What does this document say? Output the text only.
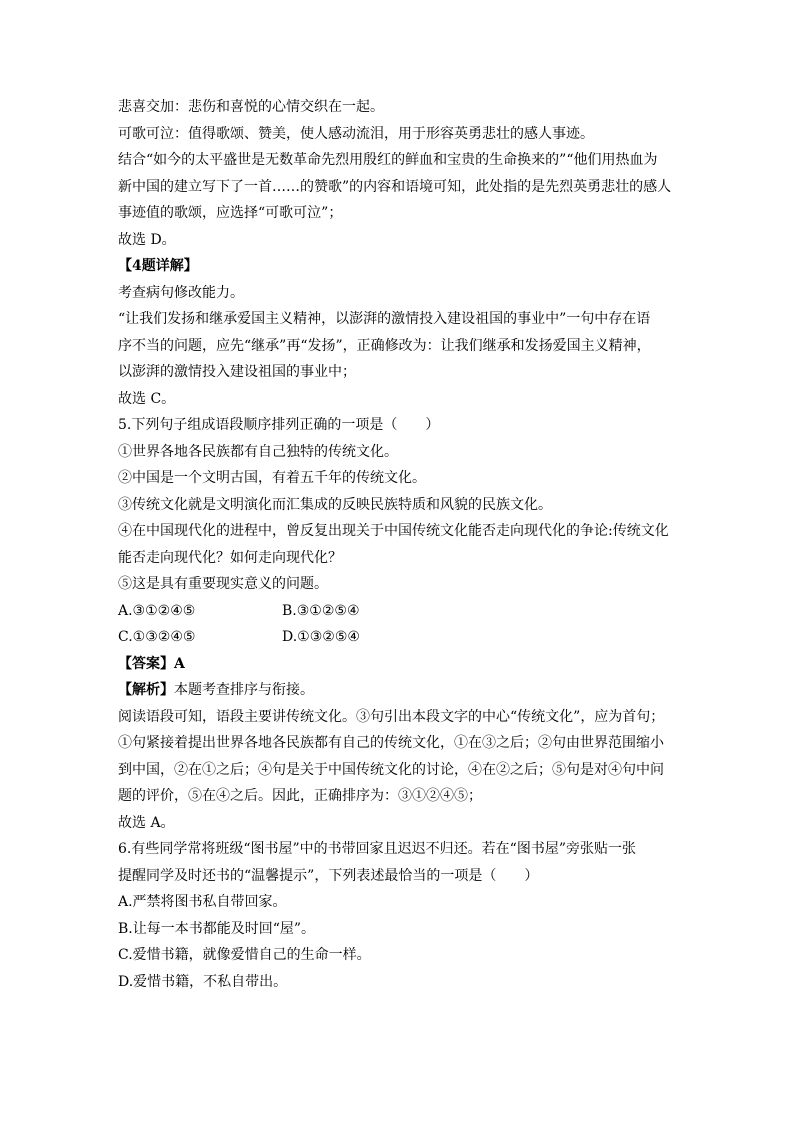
悲喜交加：悲伤和喜悦的心情交织在一起。
可歌可泣：值得歌颂、赞美，使人感动流泪，用于形容英勇悲壮的感人事迹。
结合“如今的太平盛世是无数革命先烈用殷红的鲜血和宝贵的生命换来的”“他们用热血为
新中国的建立写下了一首……的赞歌”的内容和语境可知，此处指的是先烈英勇悲壮的感人
事迹值的歌颂，应选择“可歌可泣”；
故选 D。
【4题详解】
考查病句修改能力。
“让我们发扬和继承爱国主义精神，以澎湃的激情投入建设祖国的事业中”一句中存在语
序不当的问题，应先“继承”再“发扬”，正确修改为：让我们继承和发扬爱国主义精神，
以澎湃的激情投入建设祖国的事业中；
故选 C。
5.下列句子组成语段顺序排列正确的一项是（　　）
①世界各地各民族都有自己独特的传统文化。
②中国是一个文明古国，有着五千年的传统文化。
③传统文化就是文明演化而汇集成的反映民族特质和风貌的民族文化。
④在中国现代化的进程中，曾反复出现关于中国传统文化能否走向现代化的争论:传统文化
能否走向现代化？如何走向现代化？
⑤这是具有重要现实意义的问题。
A.③①②④⑤	B.③①②⑤④
C.①③②④⑤	D.①③②⑤④
【答案】A
【解析】本题考查排序与衔接。
阅读语段可知，语段主要讲传统文化。③句引出本段文字的中心“传统文化”，应为首句；
①句紧接着提出世界各地各民族都有自己的传统文化，①在③之后；②句由世界范围缩小
到中国，②在①之后；④句是关于中国传统文化的讨论，④在②之后；⑤句是对④句中问
题的评价，⑤在④之后。因此，正确排序为：③①②④⑤；
故选 A。
6.有些同学常将班级“图书屋”中的书带回家且迟迟不归还。若在“图书屋”旁张贴一张
提醒同学及时还书的“温馨提示”，下列表述最恰当的一项是（　　）
A.严禁将图书私自带回家。
B.让每一本书都能及时回“屋”。
C.爱惜书籍，就像爱惜自己的生命一样。
D.爱惜书籍，不私自带出。
